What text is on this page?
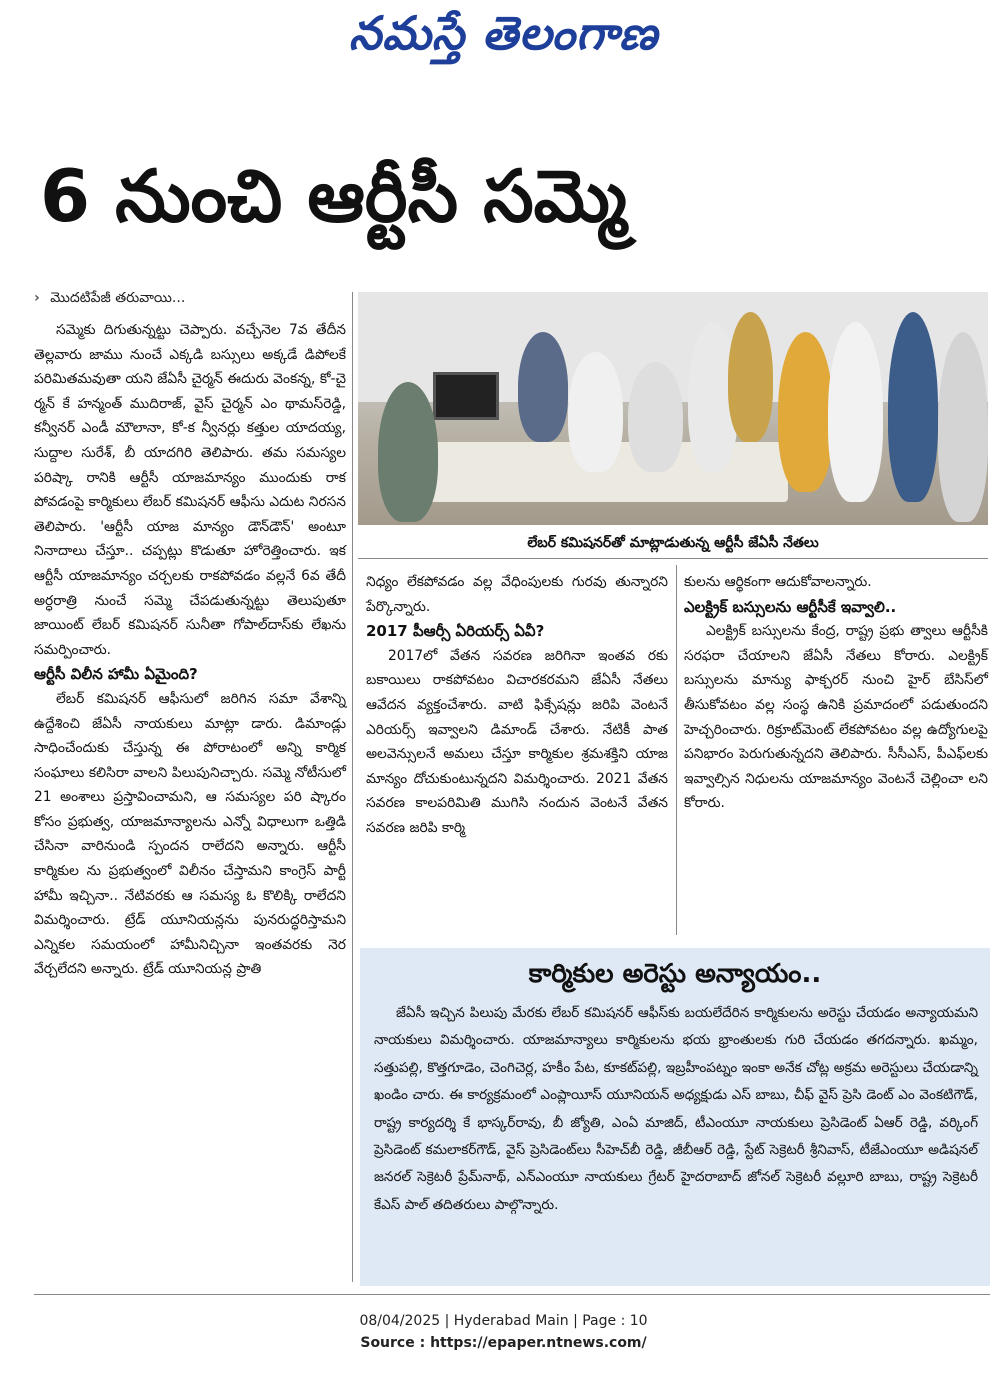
నమస్తే తెలంగాణ
6 నుంచి ఆర్టీసీ సమ్మె
› మొదటిపేజీ తరువాయి...

సమ్మెకు దిగుతున్నట్టు చెప్పారు. వచ్చేనెల 7వ తేదీన తెల్లవారు జాము నుంచే ఎక్కడి బస్సులు అక్కడే డిపోలకే పరిమితమవుతా యని జేఏసీ చైర్మన్ ఈదురు వెంకన్న, కో-చై ర్మన్ కే హన్మంత్ ముదిరాజ్, వైస్ చైర్మన్ ఎం థామస్‌రెడ్డి, కన్వీనర్ ఎండీ మౌలానా, కో-క న్వీనర్లు కత్తుల యాదయ్య, సుద్దాల సురేశ్, బీ యాదగిరి తెలిపారు. తమ సమస్యల పరిష్కా రానికి ఆర్టీసీ యాజమాన్యం ముందుకు రాక పోవడంపై కార్మికులు లేబర్ కమిషనర్ ఆఫీసు ఎదుట నిరసన తెలిపారు. 'ఆర్టీసీ యాజ మాన్యం డౌన్‌డౌన్' అంటూ నినాదాలు చేస్తూ.. చప్పట్లు కొడుతూ హోరెత్తించారు. ఇక ఆర్టీసీ యాజమాన్యం చర్చలకు రాకపోవడం వల్లనే 6వ తేదీ అర్ధరాత్రి నుంచే సమ్మె చేపడుతున్నట్టు తెలుపుతూ జాయింట్ లేబర్ కమిషనర్ సునీతా గోపాల్‌దాస్‌కు లేఖను సమర్పించారు.

ఆర్టీసీ విలీన హామీ ఏమైంది?

లేబర్ కమిషనర్ ఆఫీసులో జరిగిన సమా వేశాన్ని ఉద్దేశించి జేఏసీ నాయకులు మాట్లా డారు. డిమాండ్లు సాధించేందుకు చేస్తున్న ఈ పోరాటంలో అన్ని కార్మిక సంఘాలు కలిసిరా వాలని పిలుపునిచ్చారు. సమ్మె నోటీసులో 21 అంశాలు ప్రస్తావించామని, ఆ సమస్యల పరి ష్కారం కోసం ప్రభుత్వ, యాజమాన్యాలను ఎన్నో విధాలుగా ఒత్తిడి చేసినా వారినుండి స్పందన రాలేదని అన్నారు. ఆర్టీసీ కార్మికుల ను ప్రభుత్వంలో విలీనం చేస్తామని కాంగ్రెస్ పార్టీ హామీ ఇచ్చినా.. నేటివరకు ఆ సమస్య ఓ కొలిక్కి రాలేదని విమర్శించారు. ట్రేడ్ యూనియన్లను పునరుద్ధరిస్తామని ఎన్నికల సమయంలో హామీనిచ్చినా ఇంతవరకు నెర వేర్చలేదని అన్నారు. ట్రేడ్ యూనియన్ల ప్రాతి

లేబర్ కమిషనర్‌తో మాట్లాడుతున్న ఆర్టీసీ జేఏసీ నేతలు

నిధ్యం లేకపోవడం వల్ల వేధింపులకు గురవు తున్నారని పేర్కొన్నారు.

2017 పీఆర్సీ ఏరియర్స్ ఏవీ?

2017లో వేతన సవరణ జరిగినా ఇంతవ రకు బకాయిలు రాకపోవటం విచారకరమని జేఏసీ నేతలు ఆవేదన వ్యక్తంచేశారు. వాటి ఫిక్సేషన్లు జరిపి వెంటనే ఎరియర్స్ ఇవ్వాలని డిమాండ్ చేశారు. నేటికీ పాత అలవెన్సులనే అమలు చేస్తూ కార్మికుల శ్రమశక్తిని యాజ మాన్యం దోచుకుంటున్నదని విమర్శించారు. 2021 వేతన సవరణ కాలపరిమితి ముగిసి నందున వెంటనే వేతన సవరణ జరిపి కార్మి

కులను ఆర్థికంగా ఆదుకోవాలన్నారు.

ఎలక్ట్రిక్ బస్సులను ఆర్టీసీకే ఇవ్వాలి..

ఎలక్ట్రిక్ బస్సులను కేంద్ర, రాష్ట్ర ప్రభు త్వాలు ఆర్టీసీకి సరఫరా చేయాలని జేఏసీ నేతలు కోరారు. ఎలక్ట్రిక్ బస్సులను మాన్యు ఫాక్చరర్ నుంచి హైర్ బేసిస్‌లో తీసుకోవటం వల్ల సంస్థ ఉనికి ప్రమాదంలో పడుతుందని హెచ్చరించారు. రిక్రూట్‌మెంట్ లేకపోవటం వల్ల ఉద్యోగులపై పనిభారం పెరుగుతున్నదని తెలిపారు. సీసీఎస్, పీఎఫ్‌లకు ఇవ్వాల్సిన నిధులను యాజమాన్యం వెంటనే చెల్లించా లని కోరారు.

కార్మికుల అరెస్టు అన్యాయం..
జేఏసీ ఇచ్చిన పిలుపు మేరకు లేబర్ కమిషనర్ ఆఫీస్‌కు బయలేదేరిన కార్మికులను అరెస్టు చేయడం అన్యాయమని నాయకులు విమర్శించారు. యాజమాన్యాలు కార్మికులను భయ భ్రాంతులకు గురి చేయడం తగదన్నారు. ఖమ్మం, సత్తుపల్లి, కొత్తగూడెం, చెంగిచెర్ల, హకీం పేట, కూకట్‌పల్లి, ఇబ్రహీంపట్నం ఇంకా అనేక చోట్ల అక్రమ అరెస్టులు చేయడాన్ని ఖండిం చారు. ఈ కార్యక్రమంలో ఎంప్లాయీస్ యూనియన్ అధ్యక్షుడు ఎస్ బాబు, చీఫ్ వైస్ ప్రెసి డెంట్ ఎం వెంకటిగౌడ్, రాష్ట్ర కార్యదర్శి కే భాస్కర్‌రావు, బీ జ్యోతి, ఎంఏ మాజిద్, టీఎంయూ నాయకులు ప్రెసిడెంట్ ఏఆర్ రెడ్డి, వర్కింగ్ ప్రెసిడెంట్ కమలాకర్‌గౌడ్, వైస్ ప్రెసిడెంట్‌లు సీహెచ్‌బీ రెడ్డి, జీబీఆర్ రెడ్డి, స్టేట్ సెక్రెటరీ శ్రీనివాస్, టీజేఎంయూ అడిషనల్ జనరల్ సెక్రెటరీ ప్రేమ్‌నాథ్, ఎన్‌ఎంయూ నాయకులు గ్రేటర్ హైదరాబాద్ జోనల్ సెక్రెటరీ వల్లూరి బాబు, రాష్ట్ర సెక్రెటరీ కేఎస్ పాల్ తదితరులు పాల్గొన్నారు.
08/04/2025 | Hyderabad Main | Page : 10
Source : https://epaper.ntnews.com/
